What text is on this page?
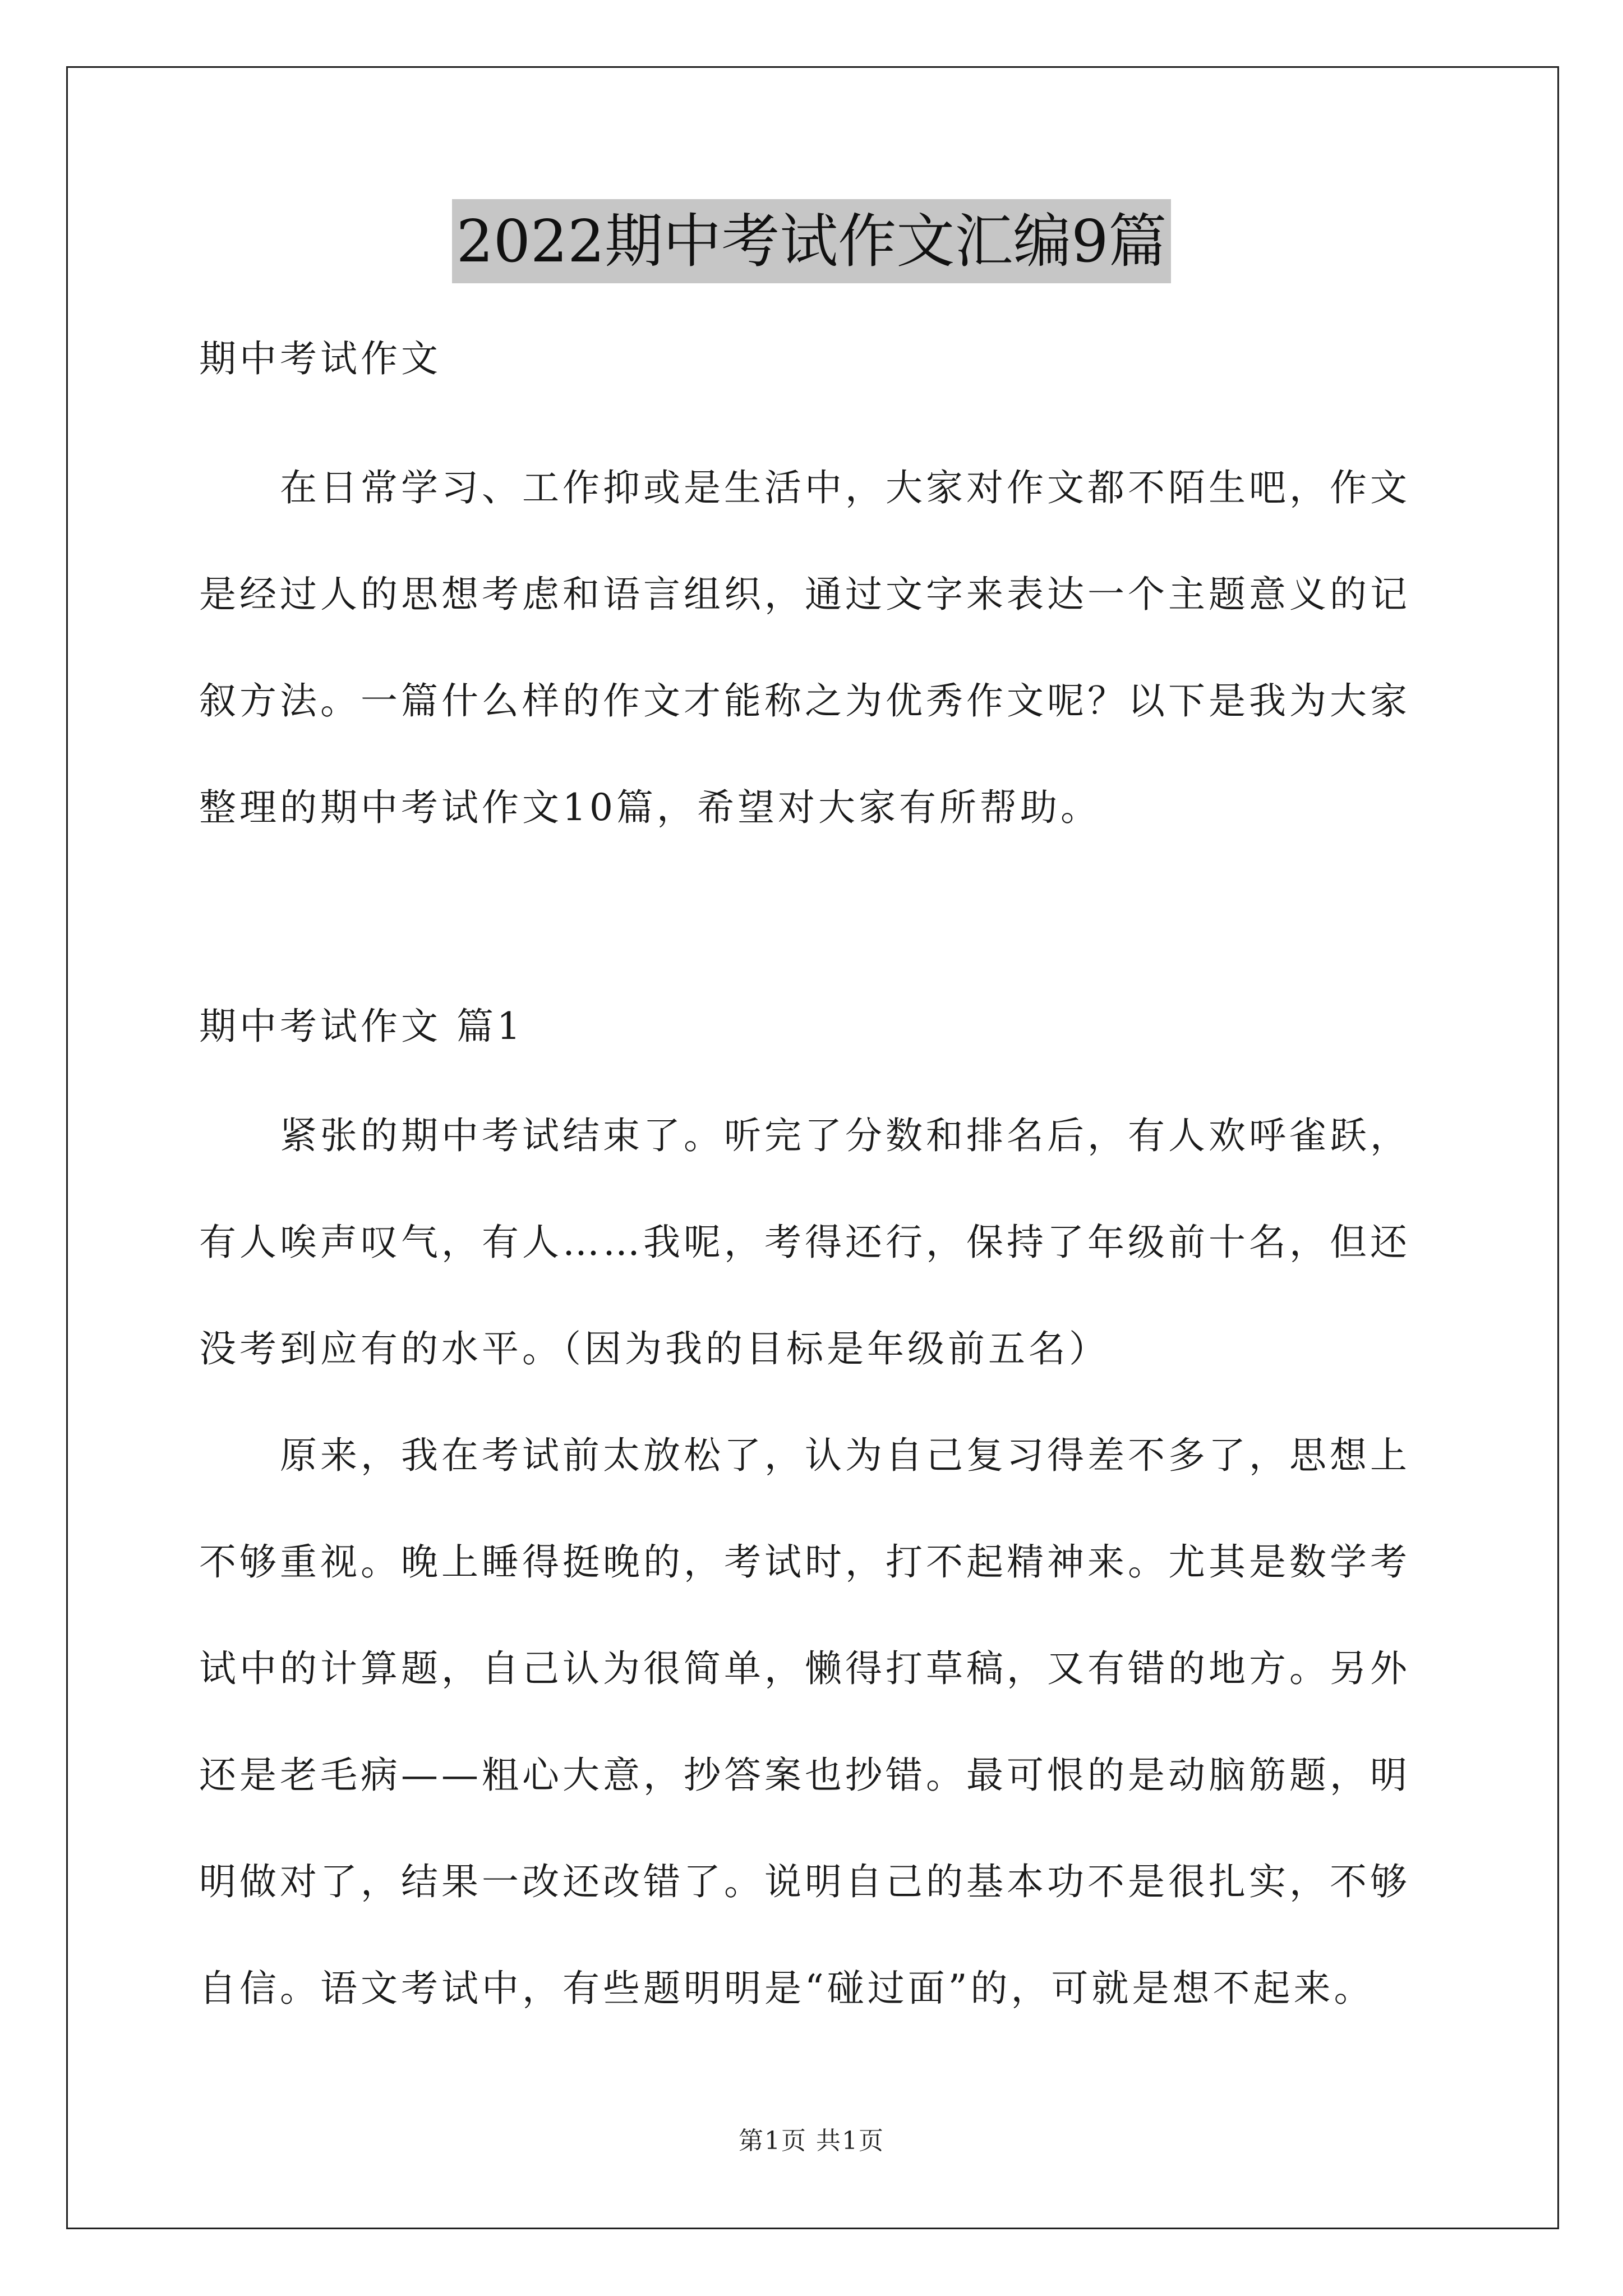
2022期中考试作文汇编9篇
期中考试作文
在日常学习、工作抑或是生活中，大家对作文都不陌生吧，作文
是经过人的思想考虑和语言组织，通过文字来表达一个主题意义的记
叙方法。一篇什么样的作文才能称之为优秀作文呢？以下是我为大家
整理的期中考试作文10篇，希望对大家有所帮助。
期中考试作文 篇1
紧张的期中考试结束了。听完了分数和排名后，有人欢呼雀跃，
有人唉声叹气，有人……我呢，考得还行，保持了年级前十名，但还
没考到应有的水平。（因为我的目标是年级前五名）
原来，我在考试前太放松了，认为自己复习得差不多了，思想上
不够重视。晚上睡得挺晚的，考试时，打不起精神来。尤其是数学考
试中的计算题，自己认为很简单，懒得打草稿，又有错的地方。另外
还是老毛病——粗心大意，抄答案也抄错。最可恨的是动脑筋题，明
明做对了，结果一改还改错了。说明自己的基本功不是很扎实，不够
自信。语文考试中，有些题明明是“碰过面”的，可就是想不起来。
第1页 共1页
